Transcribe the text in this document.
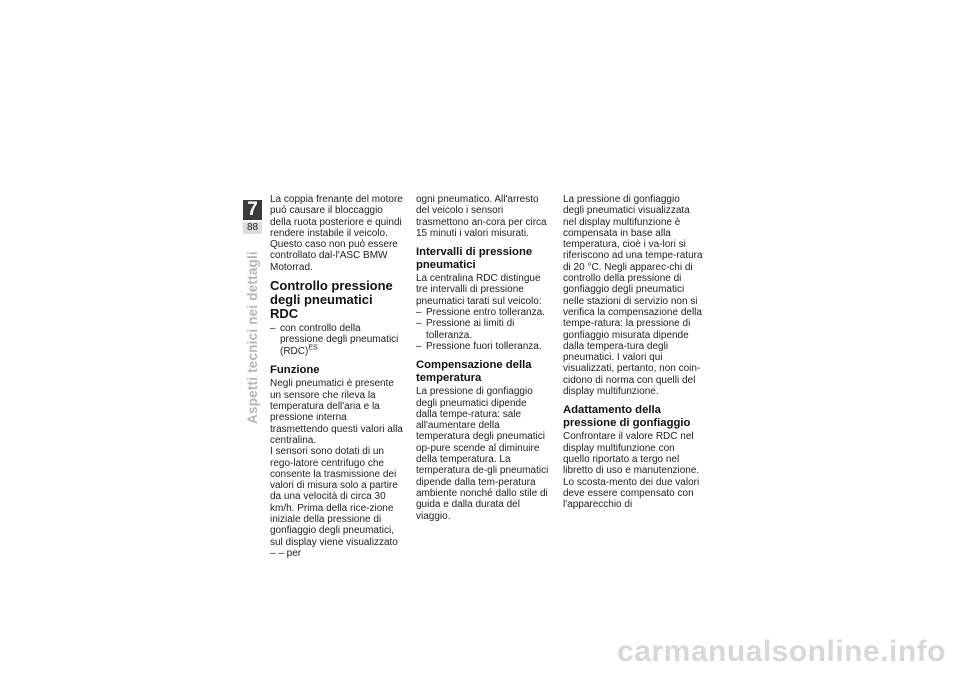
7
88
Aspetti tecnici nei dettagli

La coppia frenante del motore può causare il bloccaggio della ruota posteriore e quindi rendere instabile il veicolo. Questo caso non può essere controllato dal-l'ASC BMW Motorrad.

Controllo pressione degli pneumatici RDC
– con controllo della pressione degli pneumatici (RDC)$^{ES}$
Funzione

Negli pneumatici è presente un sensore che rileva la temperatura dell'aria e la pressione interna trasmettendo questi valori alla centralina.

I sensori sono dotati di un rego-latore centrifugo che consente la trasmissione dei valori di misura solo a partire da una velocità di circa 30 km/h. Prima della rice-zione iniziale della pressione di gonfiaggio degli pneumatici, sul display viene visualizzato – – per

ogni pneumatico. All'arresto del veicolo i sensori trasmettono an-cora per circa 15 minuti i valori misurati.

Intervalli di pressione pneumatici

La centralina RDC distingue tre intervalli di pressione pneumatici tarati sul veicolo:

– Pressione entro tolleranza.
– Pressione ai limiti di tolleranza.
– Pressione fuori tolleranza.
Compensazione della temperatura

La pressione di gonfiaggio degli pneumatici dipende dalla tempe-ratura: sale all'aumentare della temperatura degli pneumatici op-pure scende al diminuire della temperatura. La temperatura de-gli pneumatici dipende dalla tem-peratura ambiente nonché dallo stile di guida e dalla durata del viaggio.

La pressione di gonfiaggio degli pneumatici visualizzata nel display multifunzione è compensata in base alla temperatura, cioè i va-lori si riferiscono ad una tempe-ratura di 20 °C. Negli apparec-chi di controllo della pressione di gonfiaggio degli pneumatici nelle stazioni di servizio non si verifica la compensazione della tempe-ratura: la pressione di gonfiaggio misurata dipende dalla tempera-tura degli pneumatici. I valori qui visualizzati, pertanto, non coin-cidono di norma con quelli del display multifunzione.

Adattamento della pressione di gonfiaggio

Confrontare il valore RDC nel display multifunzione con quello riportato a tergo nel libretto di uso e manutenzione. Lo scosta-mento dei due valori deve essere compensato con l'apparecchio di

carmanualsonline.info
